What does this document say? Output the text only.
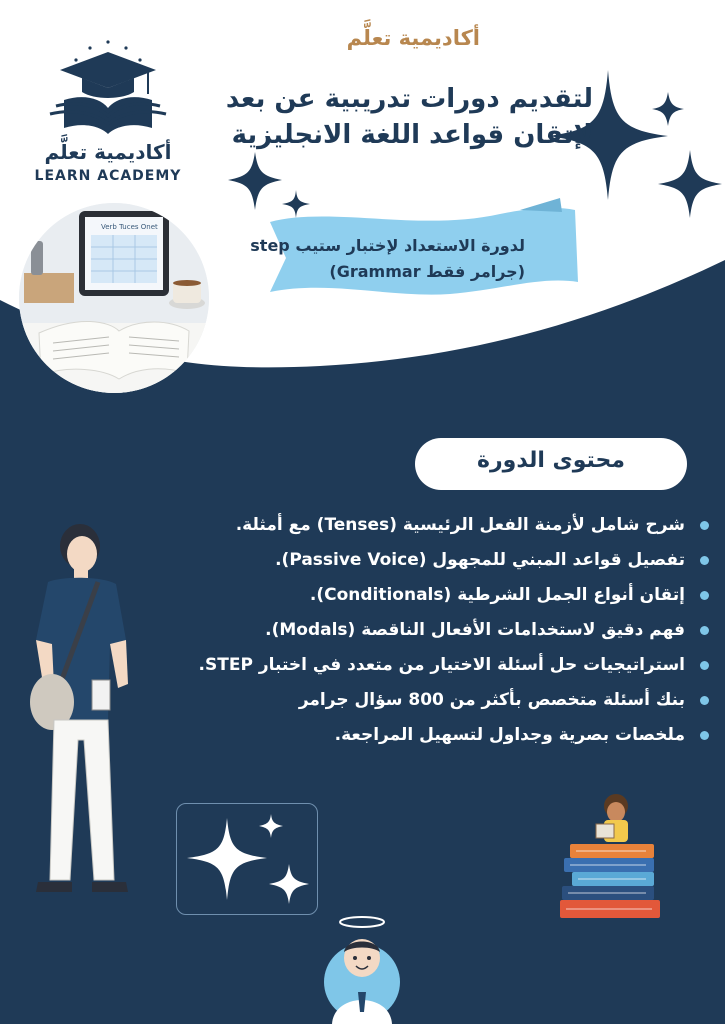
أكاديمية تعلَّم
لتقديم دورات تدريبية عن بعد
لإتقان قواعد اللغة الانجليزية
أكاديمية تعلَّم
LEARN ACADEMY
Verb Tuces Onet
لدورة الاستعداد لإختبار ستيب step
(جرامر فقط Grammar)
محتوى الدورة
شرح شامل لأزمنة الفعل الرئيسية (Tenses) مع أمثلة.
تفصيل قواعد المبني للمجهول (Passive Voice).
إتقان أنواع الجمل الشرطية (Conditionals).
فهم دقيق لاستخدامات الأفعال الناقصة (Modals).
استراتيجيات حل أسئلة الاختيار من متعدد في اختبار STEP.
بنك أسئلة متخصص بأكثر من 800 سؤال جرامر
ملخصات بصرية وجداول لتسهيل المراجعة.
